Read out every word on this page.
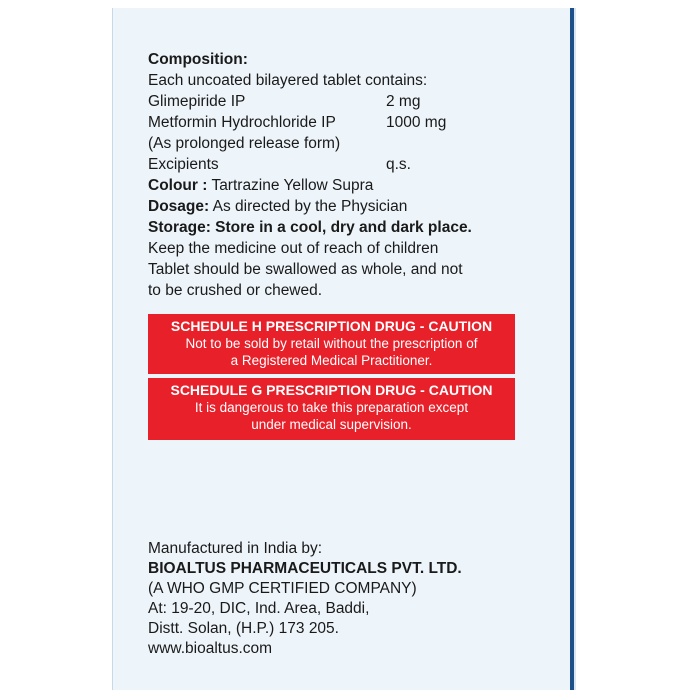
Composition:
Each uncoated bilayered tablet contains:
Glimepiride IP	2 mg
Metformin Hydrochloride IP	1000 mg
(As prolonged release form)
Excipients	q.s.
Colour : Tartrazine Yellow Supra
Dosage: As directed by the Physician
Storage: Store in a cool, dry and dark place.
Keep the medicine out of reach of children
Tablet should be swallowed as whole, and not
to be crushed or chewed.
SCHEDULE H PRESCRIPTION DRUG - CAUTION
Not to be sold by retail without the prescription of
a Registered Medical Practitioner.
SCHEDULE G PRESCRIPTION DRUG - CAUTION
It is dangerous to take this preparation except
under medical supervision.
Manufactured in India by:
BIOALTUS PHARMACEUTICALS PVT. LTD.
(A WHO GMP CERTIFIED COMPANY)
At: 19-20, DIC, Ind. Area, Baddi,
Distt. Solan, (H.P.) 173 205.
www.bioaltus.com
